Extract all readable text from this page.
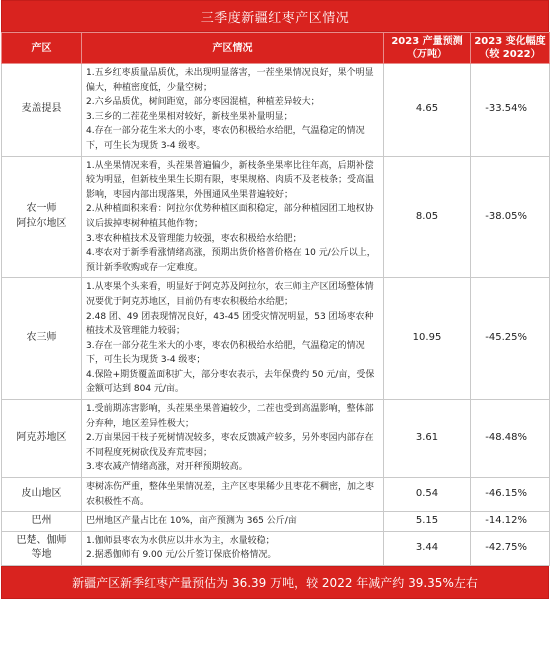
三季度新疆红枣产区情况
产区	产区情况	2023 产量预测（万吨）	2023 变化幅度（较 2022）

麦盖提县	1.五乡红枣质量品质优，未出现明显落害，一茬坐果情况良好，果个明显偏大，种植密度低，少量空树；
2.六乡品质优，树间距宽，部分枣园混植，种植差异较大；
3.三乡的二茬花坐果相对较好，新枝坐果补量明显；
4.存在一部分花生米大的小枣，枣农仍积极给水给肥，气温稳定的情况下，可生长为现货 3-4 级枣。	4.65	-33.54%

农一师
阿拉尔地区	1.从坐果情况来看，头茬果普遍偏少，新枝条坐果率比往年高，后期补偿较为明显，但新枝坐果生长期有限，枣果规格、肉质不及老枝条；受高温影响，枣园内部出现落果，外围通风坐果普遍较好；
2.从种植面积来看：阿拉尔优势种植区面积稳定，部分种植园团工地权协议后拔掉枣树种植其他作物；
3.枣农种植技术及管理能力较强，枣农积极给水给肥；
4.枣农对于新季看涨情绪高涨，预期出货价格普价格在 10 元/公斤以上，预计新季收购或存一定难度。	8.05	-38.05%

农三师	1.从枣果个头来看，明显好于阿克苏及阿拉尔，农三师主产区团场整体情况要优于阿克苏地区，目前仍有枣农积极给水给肥；
2.48 团、49 团表现情况良好，43-45 团受灾情况明显，53 团场枣农种植技术及管理能力较弱；
3.存在一部分花生米大的小枣，枣农仍积极给水给肥，气温稳定的情况下，可生长为现货 3-4 级枣；
4.保险+期货覆盖面积扩大，部分枣农表示，去年保费约 50 元/亩，受保金额可达到 804 元/亩。	10.95	-45.25%

阿克苏地区	1.受前期冻害影响，头茬果坐果普遍较少，二茬也受到高温影响，整体部分弃种，地区差异性极大；
2.万亩果园干枝子死树情况较多，枣农反馈减产较多，另外枣园内部存在不同程度死树砍伐及弃荒枣园；
3.枣农减产情绪高涨，对开秤预期较高。	3.61	-48.48%

皮山地区	枣树冻伤严重，整体坐果情况差，主产区枣果稀少且枣花不稠密，加之枣农积极性不高。	0.54	-46.15%

巴州	巴州地区产量占比在 10%，亩产预测为 365 公斤/亩	5.15	-14.12%

巴楚、伽师
等地	1.伽师县枣农为水供应以井水为主，水量较稳；
2.据悉伽师有 9.00 元/公斤签订保底价格情况。	3.44	-42.75%
新疆产区新季红枣产量预估为 36.39 万吨，较 2022 年减产约 39.35%左右
